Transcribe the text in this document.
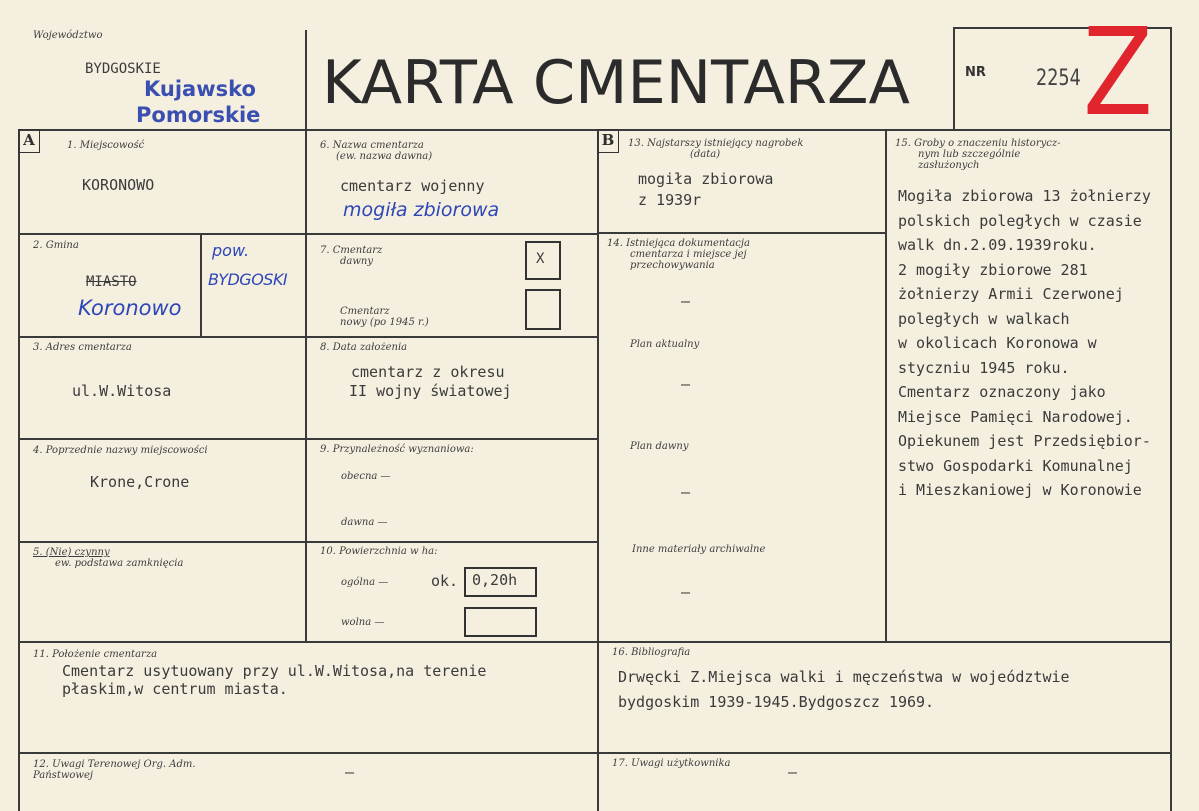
Województwo
BYDGOSKIE
Kujawsko
Pomorskie KARTA CMENTARZA	NR 2254 Z
A	B
1. Miejscowość
KORONOWO
2. Gmina
MIASTO
Koronowo
pow.
BYDGOSKI
3. Adres cmentarza
ul.W.Witosa
4. Poprzednie nazwy miejscowości
Krone,Crone
5. (Nie) czynny
ew. podstawa zamknięcia
6. Nazwa cmentarza
(ew. nazwa dawna)
cmentarz wojenny
mogiła zbiorowa
7. Cmentarz
dawny	X
Cmentarz
nowy (po 1945 r.)
8. Data założenia
cmentarz z okresu
II wojny światowej
9. Przynależność wyznaniowa:
obecna —
dawna —
10. Powierzchnia w ha:
ogólna —	ok. 0,20h
wolna —
13. Najstarszy istniejący nagrobek
(data)
mogiła zbiorowa
z 1939r
14. Istniejąca dokumentacja
cmentarza i miejsce jej
przechowywania
—
Plan aktualny
—
Plan dawny
—
Inne materiały archiwalne
—
15. Groby o znaczeniu historycz-
nym lub szczególnie
zasłużonych
Mogiła zbiorowa 13 żołnierzy
polskich poległych w czasie
walk dn.2.09.1939roku.
2 mogiły zbiorowe 281
żołnierzy Armii Czerwonej
poległych w walkach
w okolicach Koronowa w
styczniu 1945 roku.
Cmentarz oznaczony jako
Miejsce Pamięci Narodowej.
Opiekunem jest Przedsiębior-
stwo Gospodarki Komunalnej
i Mieszkaniowej w Koronowie
11. Położenie cmentarza
Cmentarz usytuowany przy ul.W.Witosa,na terenie
płaskim,w centrum miasta.
16. Bibliografia
Drwęcki Z.Miejsca walki i męczeństwa w wojeództwie
bydgoskim 1939-1945.Bydgoszcz 1969.
12. Uwagi Terenowej Org. Adm.
Państwowej	—	17. Uwagi użytkownika	—
